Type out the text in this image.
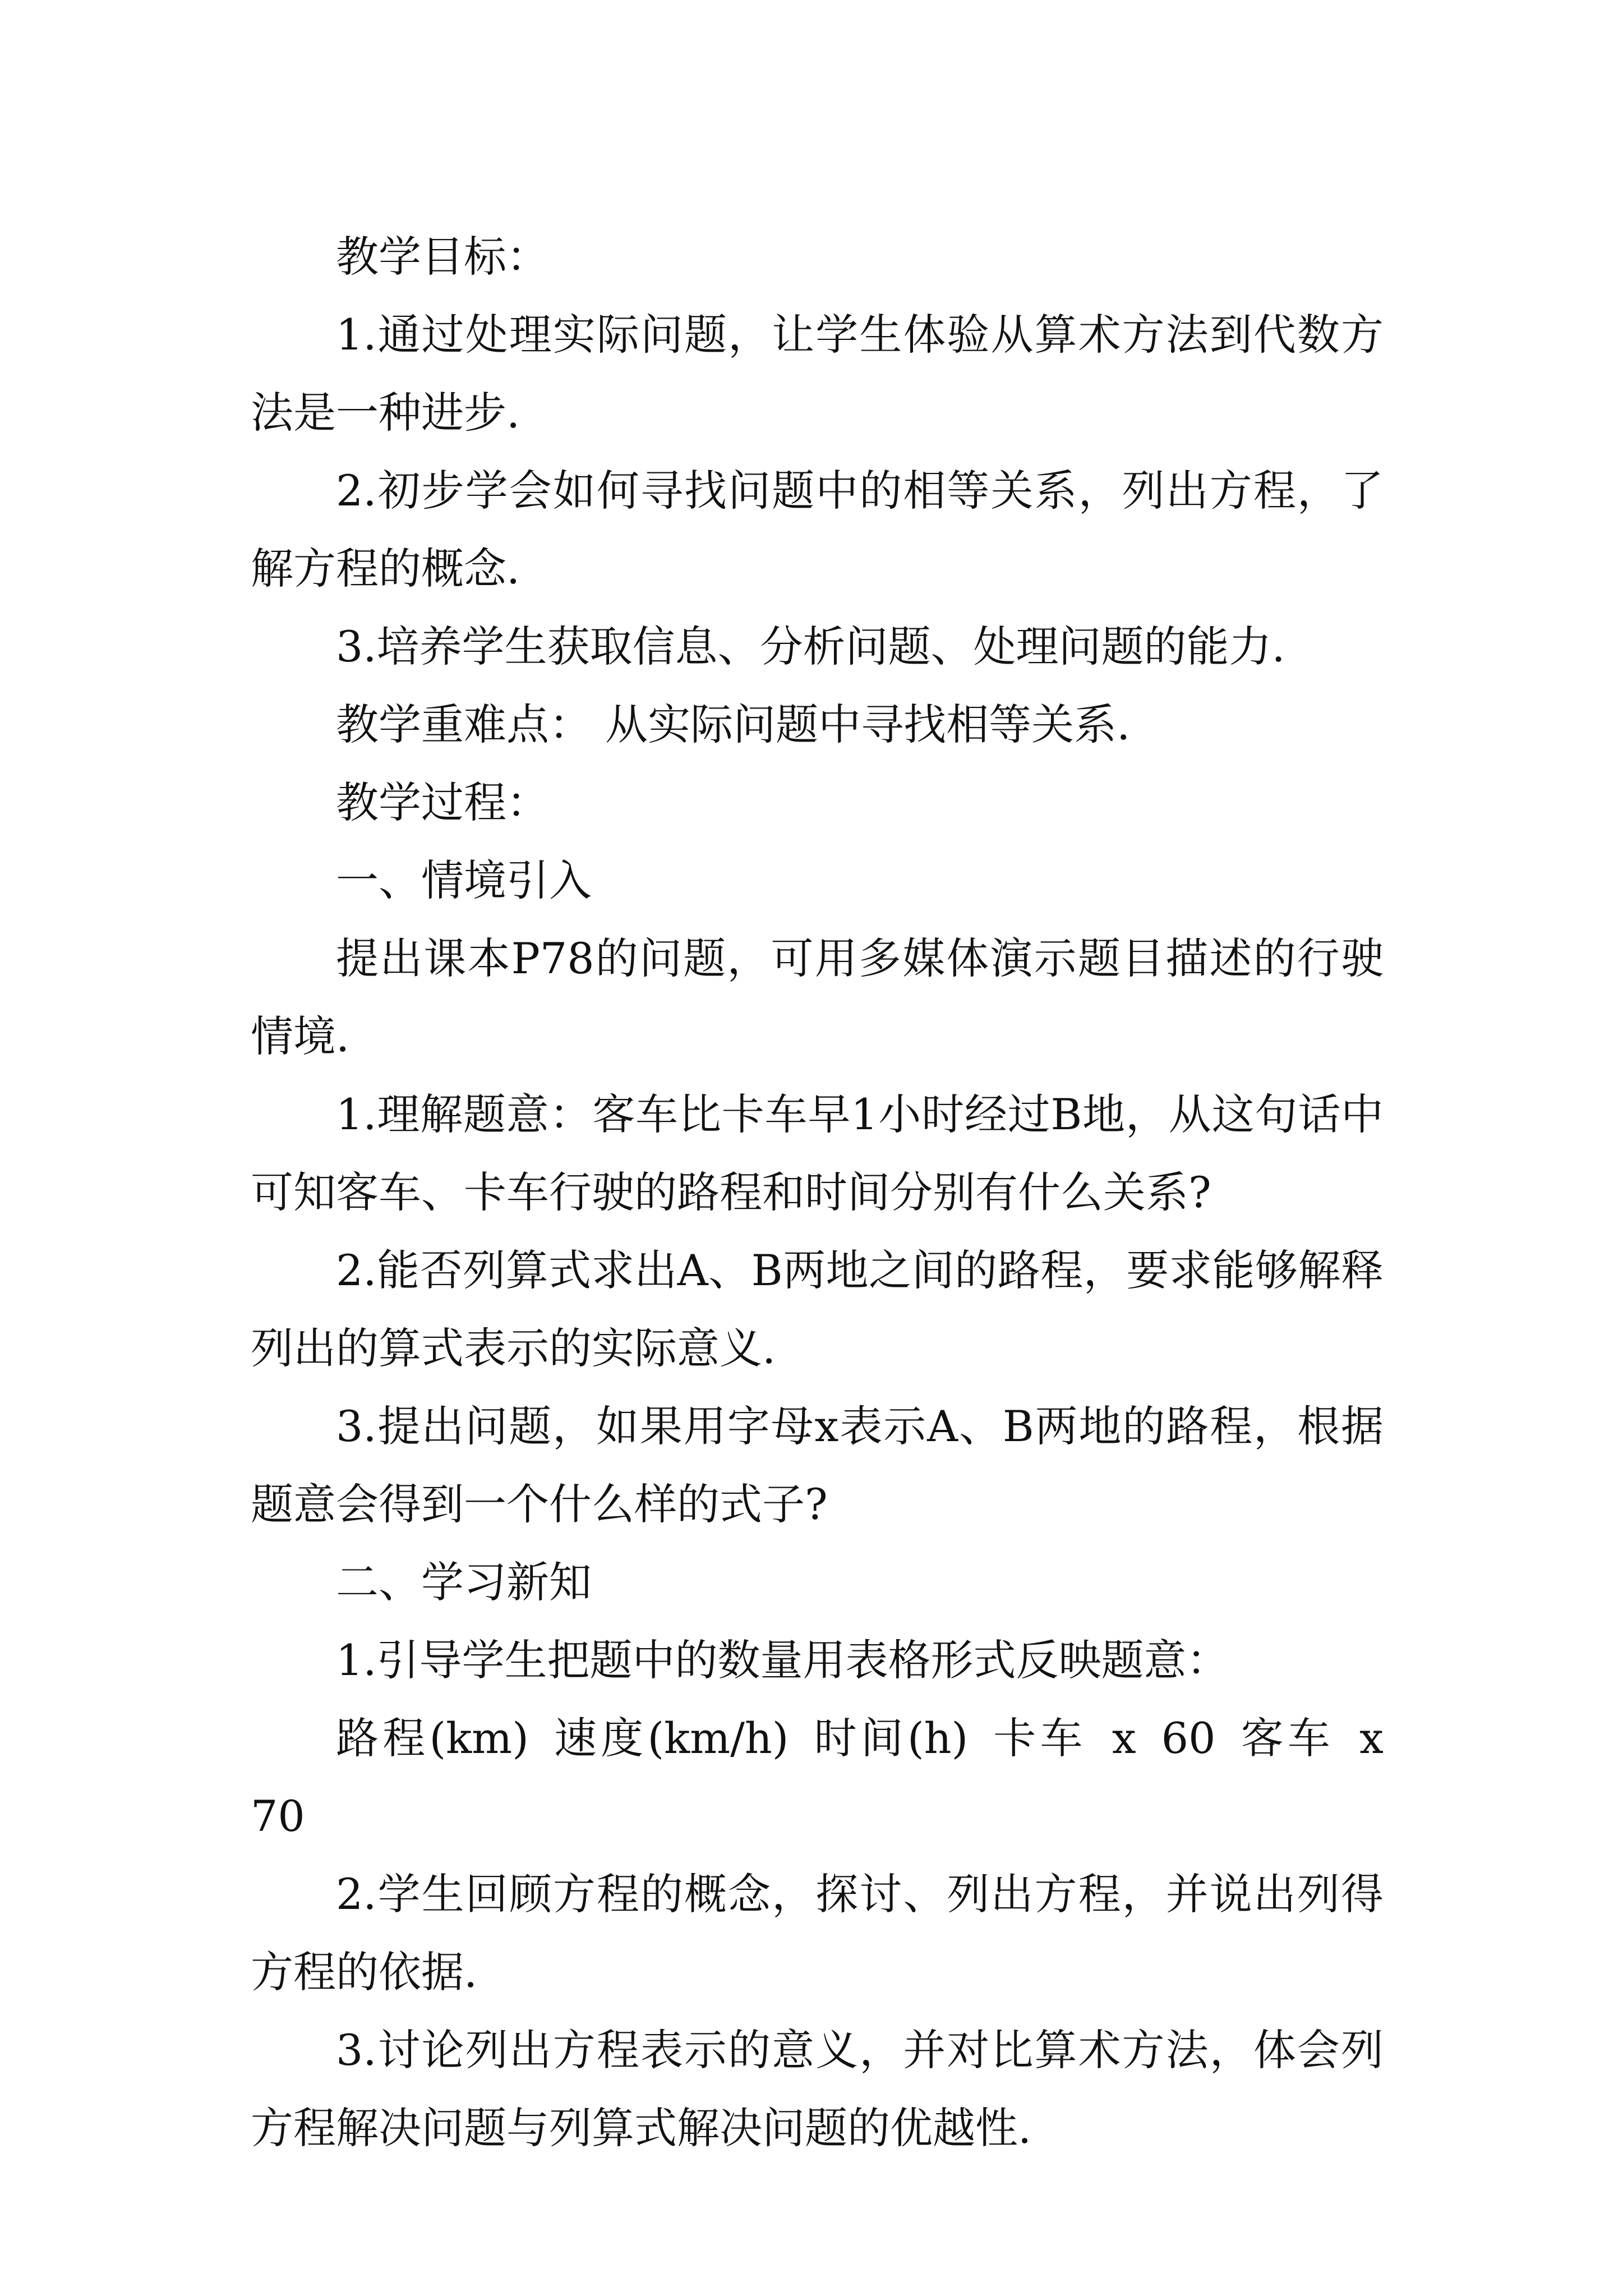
教学目标：

1.通过处理实际问题，让学生体验从算术方法到代数方法是一种进步.

2.初步学会如何寻找问题中的相等关系，列出方程，了解方程的概念.

3.培养学生获取信息、分析问题、处理问题的能力.

教学重难点： 从实际问题中寻找相等关系.

教学过程：

一、情境引入

提出课本P78的问题，可用多媒体演示题目描述的行驶情境.

1.理解题意：客车比卡车早1小时经过B地，从这句话中可知客车、卡车行驶的路程和时间分别有什么关系?

2.能否列算式求出A、B两地之间的路程，要求能够解释列出的算式表示的实际意义.

3.提出问题，如果用字母x表示A、B两地的路程，根据题意会得到一个什么样的式子?

二、学习新知

1.引导学生把题中的数量用表格形式反映题意：

路程(km) 速度(km/h) 时间(h) 卡车 x 60 客车 x 70

2.学生回顾方程的概念，探讨、列出方程，并说出列得方程的依据.

3.讨论列出方程表示的意义，并对比算术方法，体会列方程解决问题与列算式解决问题的优越性.
